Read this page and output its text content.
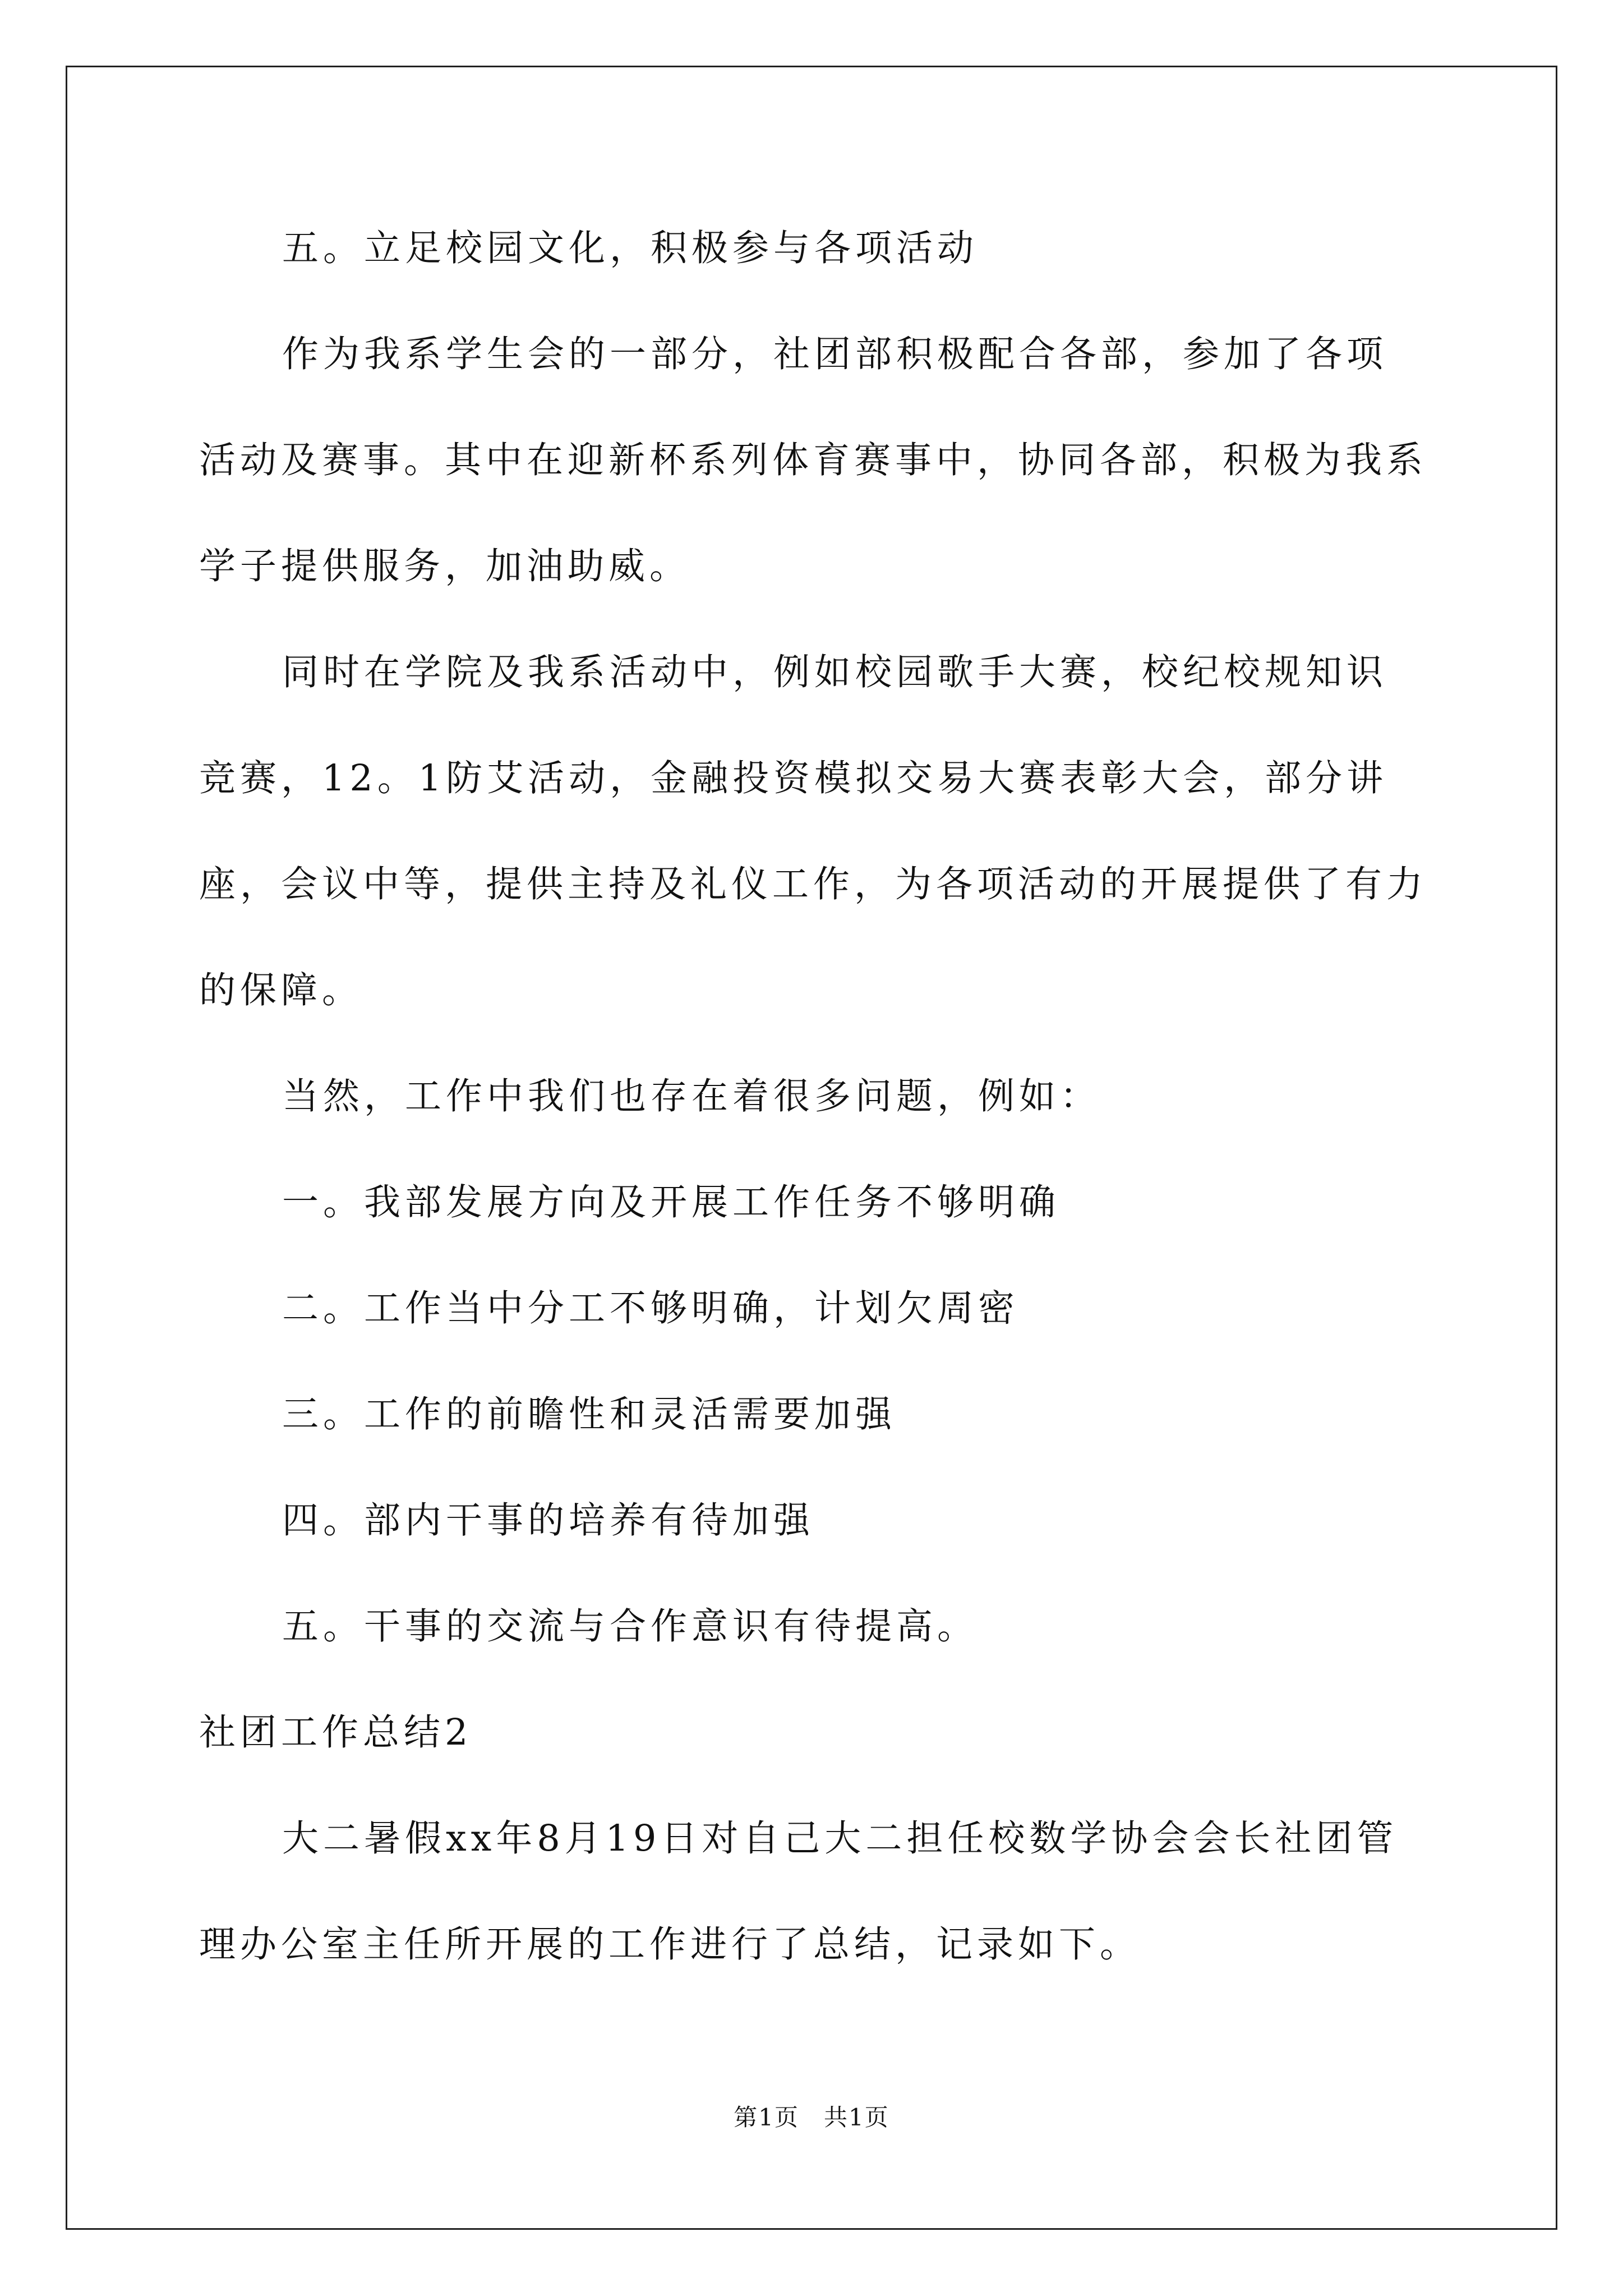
五。立足校园文化，积极参与各项活动

作为我系学生会的一部分，社团部积极配合各部，参加了各项活动及赛事。其中在迎新杯系列体育赛事中，协同各部，积极为我系学子提供服务，加油助威。

同时在学院及我系活动中，例如校园歌手大赛，校纪校规知识竞赛，12。1防艾活动，金融投资模拟交易大赛表彰大会，部分讲座，会议中等，提供主持及礼仪工作，为各项活动的开展提供了有力的保障。

当然，工作中我们也存在着很多问题，例如：

一。我部发展方向及开展工作任务不够明确

二。工作当中分工不够明确，计划欠周密

三。工作的前瞻性和灵活需要加强

四。部内干事的培养有待加强

五。干事的交流与合作意识有待提高。

社团工作总结2

大二暑假xx年8月19日对自己大二担任校数学协会会长社团管理办公室主任所开展的工作进行了总结，记录如下。

第1页　共1页
